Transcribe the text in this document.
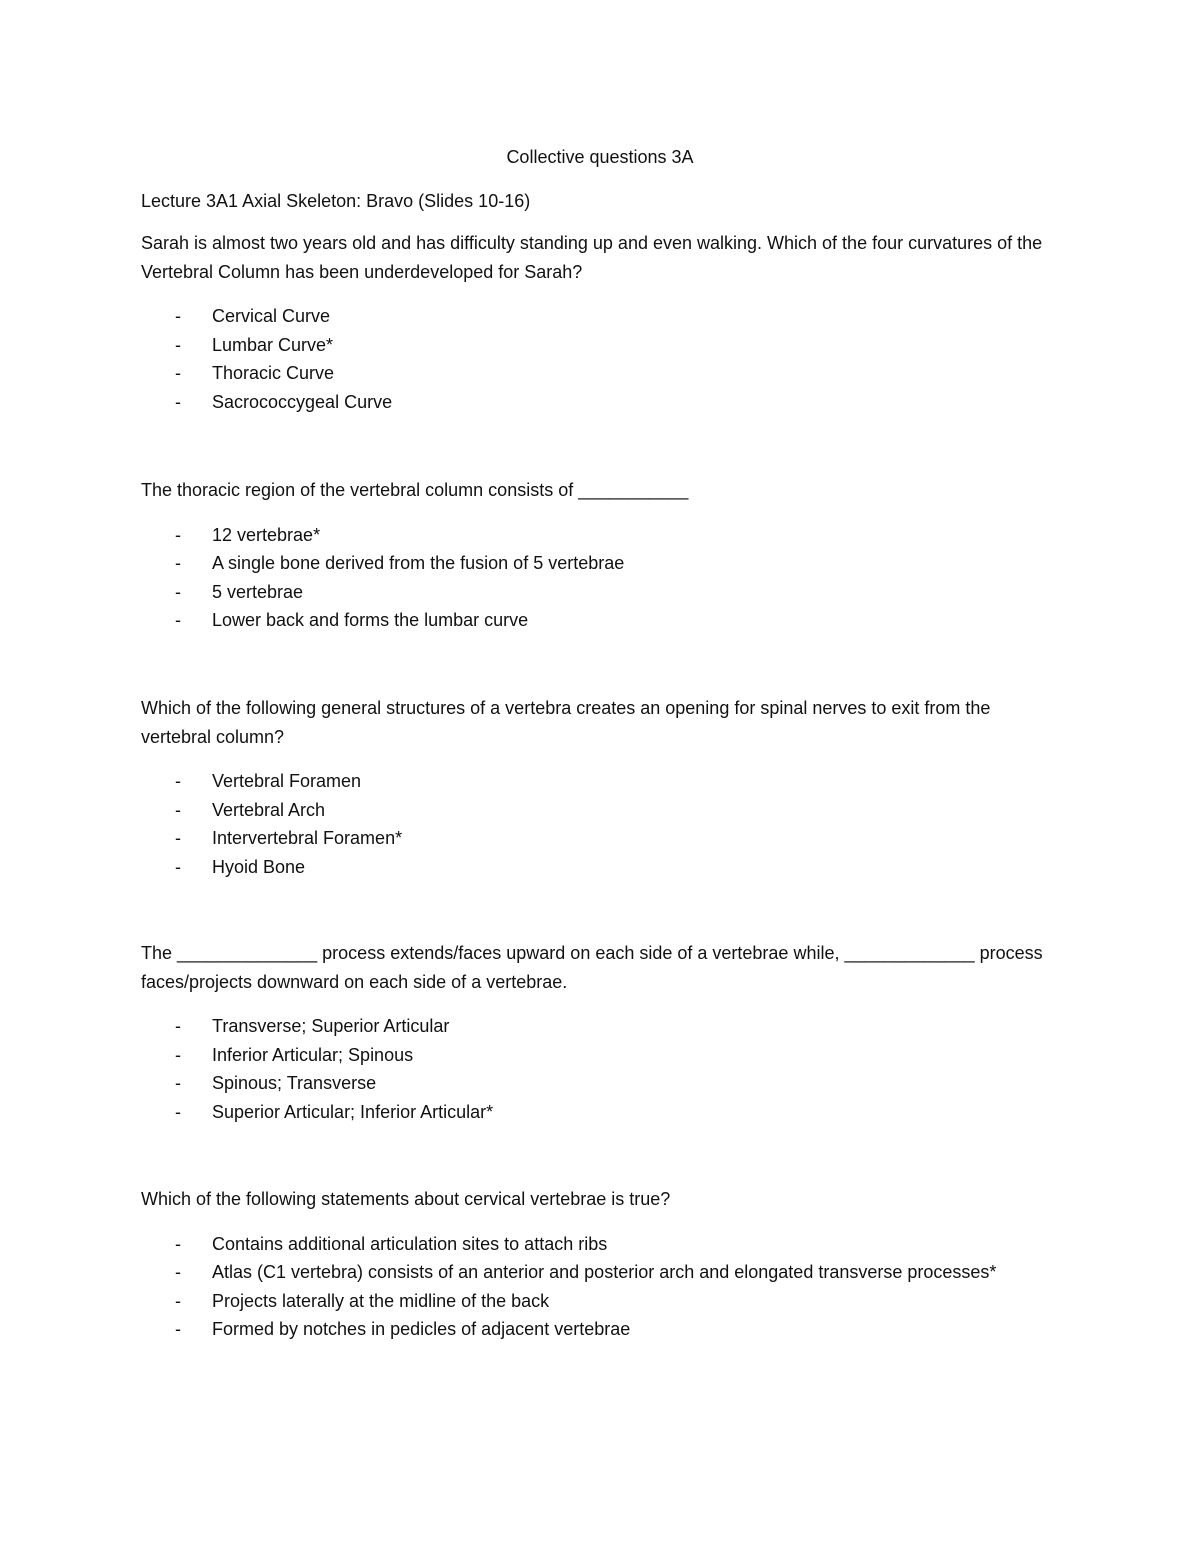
Collective questions 3A
Lecture 3A1 Axial Skeleton: Bravo (Slides 10-16)

Sarah is almost two years old and has difficulty standing up and even walking. Which of the four curvatures of the Vertebral Column has been underdeveloped for Sarah?

- Cervical Curve
- Lumbar Curve*
- Thoracic Curve
- Sacrococcygeal Curve

The thoracic region of the vertebral column consists of ___________

- 12 vertebrae*
- A single bone derived from the fusion of 5 vertebrae
- 5 vertebrae
- Lower back and forms the lumbar curve

Which of the following general structures of a vertebra creates an opening for spinal nerves to exit from the vertebral column?

- Vertebral Foramen
- Vertebral Arch
- Intervertebral Foramen*
- Hyoid Bone

The ______________ process extends/faces upward on each side of a vertebrae while, _____________ process faces/projects downward on each side of a vertebrae.

- Transverse; Superior Articular
- Inferior Articular; Spinous
- Spinous; Transverse
- Superior Articular; Inferior Articular*

Which of the following statements about cervical vertebrae is true?

- Contains additional articulation sites to attach ribs
- Atlas (C1 vertebra) consists of an anterior and posterior arch and elongated transverse processes*
- Projects laterally at the midline of the back
- Formed by notches in pedicles of adjacent vertebrae
